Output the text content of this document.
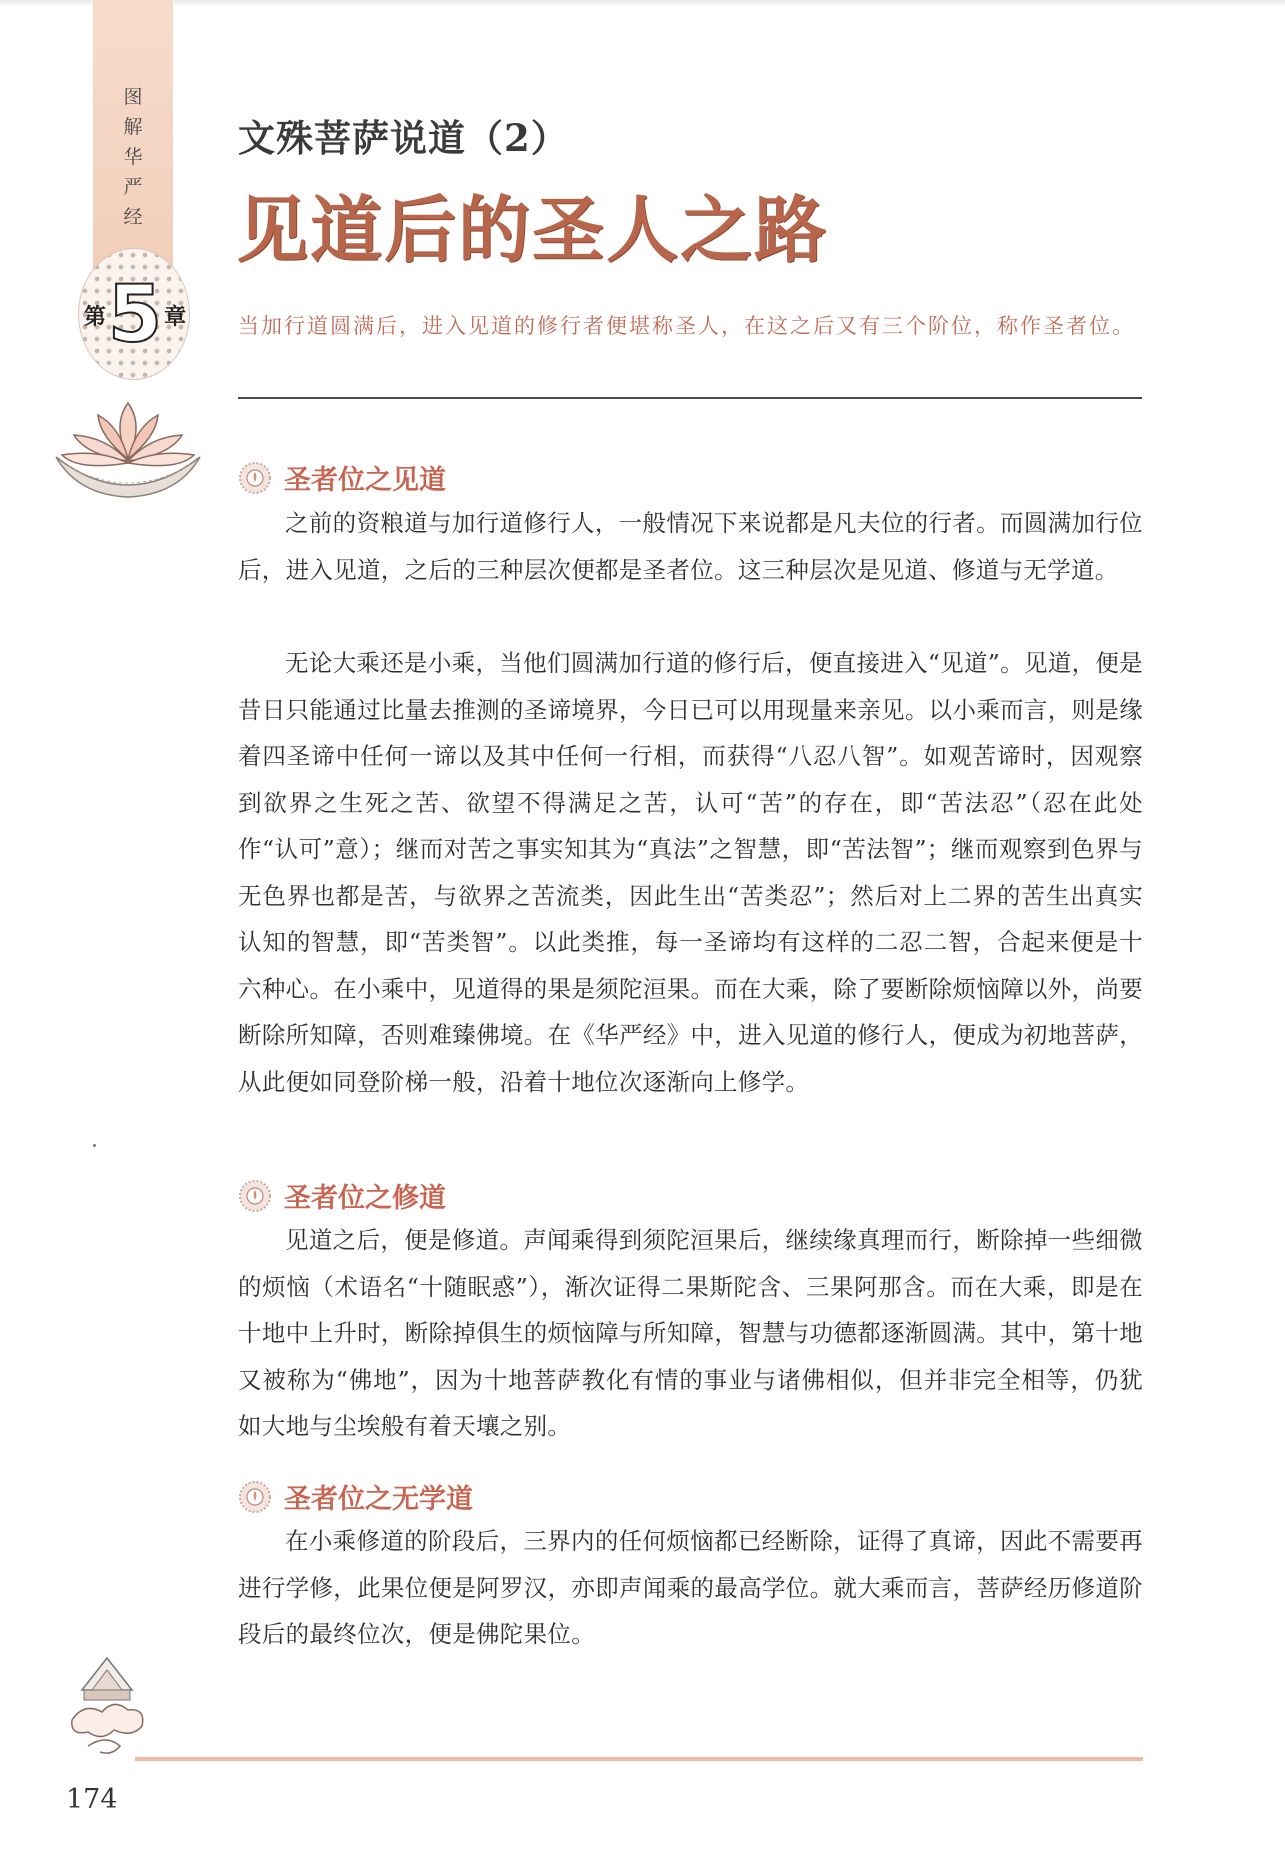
图
解
华
严
经
第 5 章
文殊菩萨说道（2）
见道后的圣人之路
当加行道圆满后，进入见道的修行者便堪称圣人，在这之后又有三个阶位，称作圣者位。
圣者位之见道
之前的资粮道与加行道修行人，一般情况下来说都是凡夫位的行者。而圆满加行位后，进入见道，之后的三种层次便都是圣者位。这三种层次是见道、修道与无学道。
无论大乘还是小乘，当他们圆满加行道的修行后，便直接进入“见道”。见道，便是昔日只能通过比量去推测的圣谛境界，今日已可以用现量来亲见。以小乘而言，则是缘着四圣谛中任何一谛以及其中任何一行相，而获得“八忍八智”。如观苦谛时，因观察到欲界之生死之苦、欲望不得满足之苦，认可“苦”的存在，即“苦法忍”（忍在此处作“认可”意）；继而对苦之事实知其为“真法”之智慧，即“苦法智”；继而观察到色界与无色界也都是苦，与欲界之苦流类，因此生出“苦类忍”；然后对上二界的苦生出真实认知的智慧，即“苦类智”。以此类推，每一圣谛均有这样的二忍二智，合起来便是十六种心。在小乘中，见道得的果是须陀洹果。而在大乘，除了要断除烦恼障以外，尚要断除所知障，否则难臻佛境。在《华严经》中，进入见道的修行人，便成为初地菩萨，从此便如同登阶梯一般，沿着十地位次逐渐向上修学。
圣者位之修道
见道之后，便是修道。声闻乘得到须陀洹果后，继续缘真理而行，断除掉一些细微的烦恼（术语名“十随眠惑”），渐次证得二果斯陀含、三果阿那含。而在大乘，即是在十地中上升时，断除掉俱生的烦恼障与所知障，智慧与功德都逐渐圆满。其中，第十地又被称为“佛地”，因为十地菩萨教化有情的事业与诸佛相似，但并非完全相等，仍犹如大地与尘埃般有着天壤之别。
圣者位之无学道
在小乘修道的阶段后，三界内的任何烦恼都已经断除，证得了真谛，因此不需要再进行学修，此果位便是阿罗汉，亦即声闻乘的最高学位。就大乘而言，菩萨经历修道阶段后的最终位次，便是佛陀果位。
174
